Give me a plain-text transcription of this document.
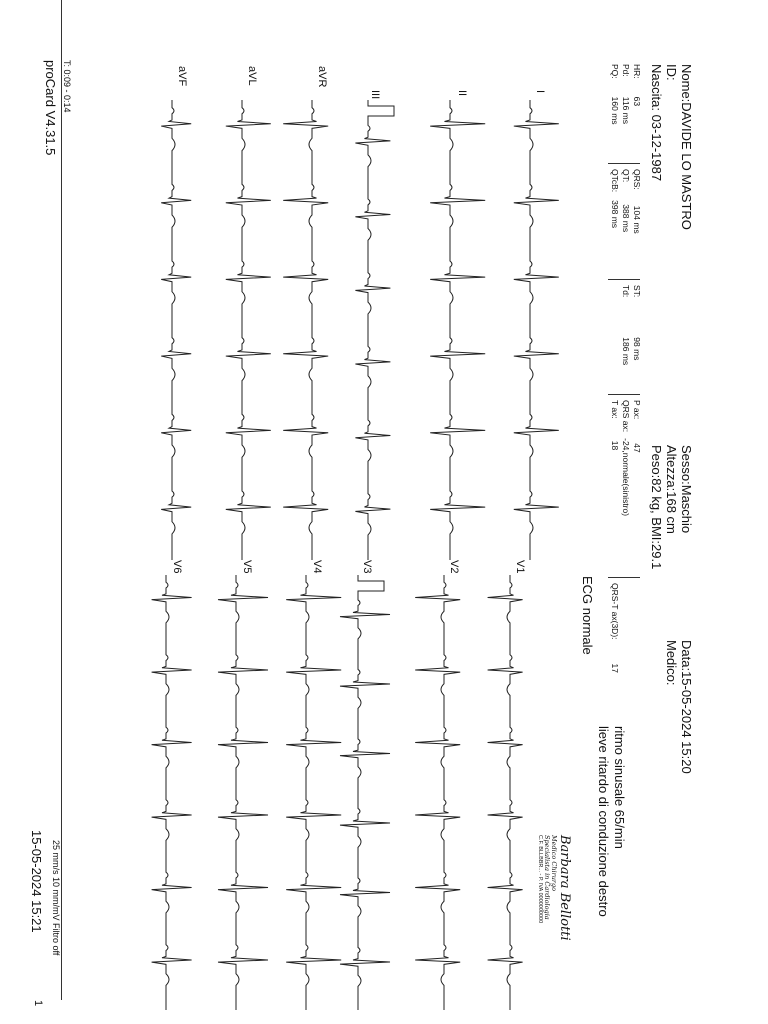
Nome:DAVIDE LO MASTRO
ID:
Nascita: 03-12-1987
Sesso:Maschio
Altezza:168 cm
Peso:82 kg, BMI:29.1
Data:15-05-2024 15:20
Medico:
HR:63
Pd:116 ms
PQ:160 ms
QRS:104 ms
QT:388 ms
QTcB:398 ms
ST:98 ms
Td:186 ms
P ax:47
QRS ax:-24,normale(sinistro)
T ax:18
QRS-T ax(3D):17
ritmo sinusale 65/min
lieve ritardo di conduzione destro
ECG normale
Barbara Bellotti
Medico Chirurgo
Specialista in Cardiologia
C.F. BLLBBR... - P. IVA 0000000000
I
II
III
aVR
aVL
aVF
V1
V2
V3
V4
V5
V6
T: 0:09 - 0:14
proCard V4.31.5
25 mm/s 10 mm/mV Filtro off
15-05-2024 15:21
1
